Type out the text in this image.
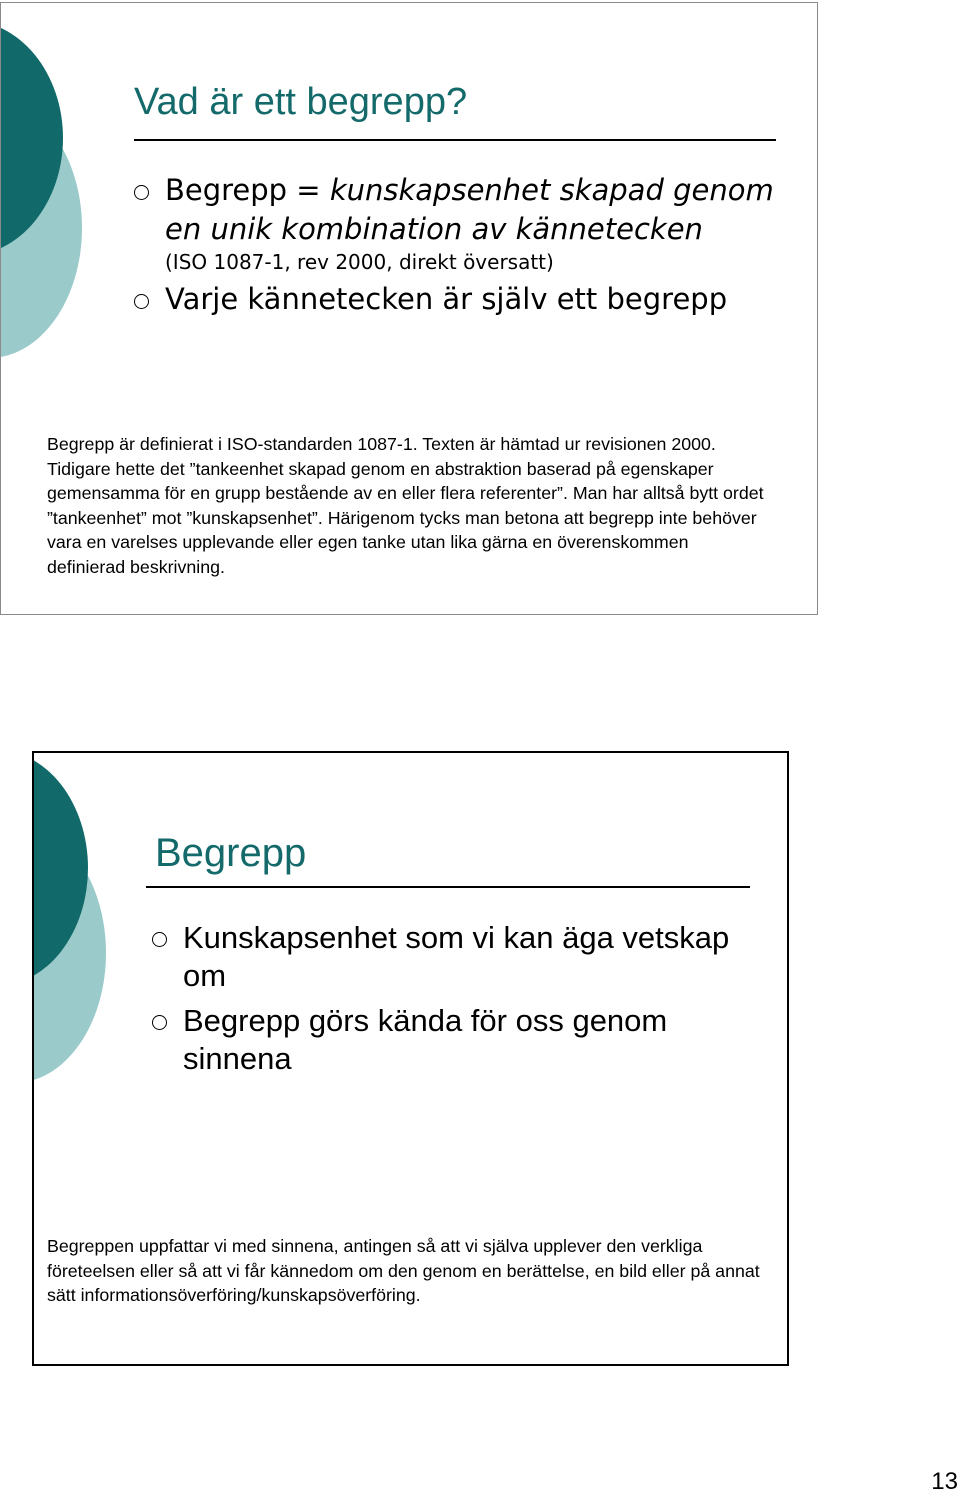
Vad är ett begrepp?
Begrepp = kunskapsenhet skapad genom en unik kombination av kännetecken
(ISO 1087-1, rev 2000, direkt översatt)
Varje kännetecken är själv ett begrepp
Begrepp är definierat i ISO-standarden 1087-1. Texten är hämtad ur revisionen 2000. Tidigare hette det ”tankeenhet skapad genom en abstraktion baserad på egenskaper gemensamma för en grupp bestående av en eller flera referenter”. Man har alltså bytt ordet ”tankeenhet” mot ”kunskapsenhet”. Härigenom tycks man betona att begrepp inte behöver vara en varelses upplevande eller egen tanke utan lika gärna en överenskommen definierad beskrivning.
Begrepp
Kunskapsenhet som vi kan äga vetskap om
Begrepp görs kända för oss genom sinnena
Begreppen uppfattar vi med sinnena, antingen så att vi själva upplever den verkliga företeelsen eller så att vi får kännedom om den genom en berättelse, en bild eller på annat sätt informationsöverföring/kunskapsöverföring.
13
